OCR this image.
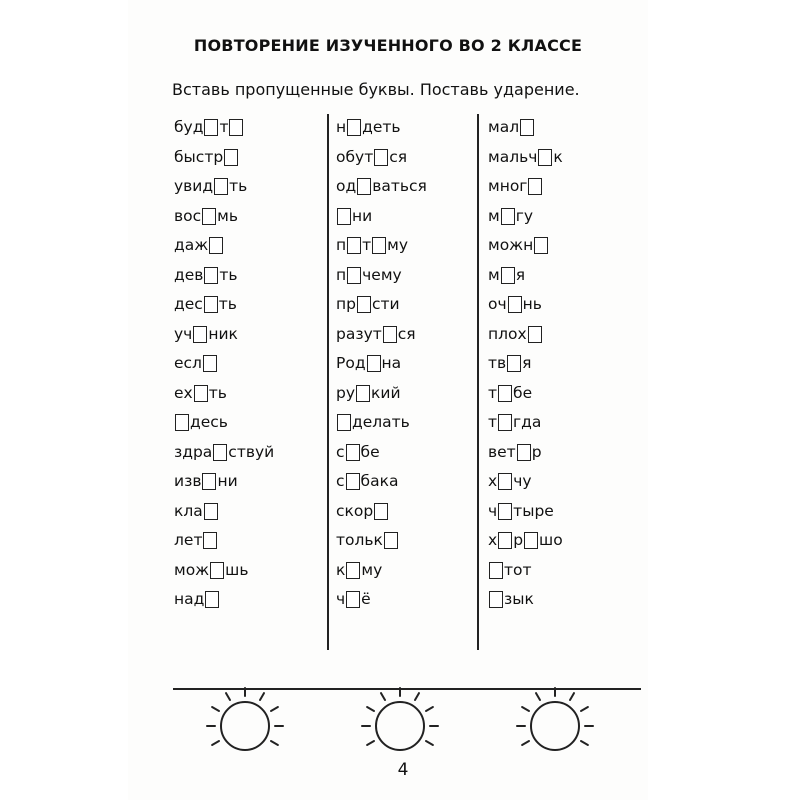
ПОВТОРЕНИЕ ИЗУЧЕННОГО ВО 2 КЛАССЕ
Вставь пропущенные буквы. Поставь ударение.
буд т
быстр
увид ть
вос мь
даж
дев ть
дес ть
уч ник
есл
ех ть
десь
здра ствуй
изв ни
кла
лет
мож шь
над
н деть
обут ся
од ваться
ни
п т му
п чему
пр сти
разут ся
Род на
ру кий
делать
с бе
с бака
скор
тольк
к му
ч ё
мал
мальч к
мног
м гу
можн
м я
оч нь
плох
тв я
т бе
т гда
вет р
х чу
ч тыре
х р шо
тот
зык
4
